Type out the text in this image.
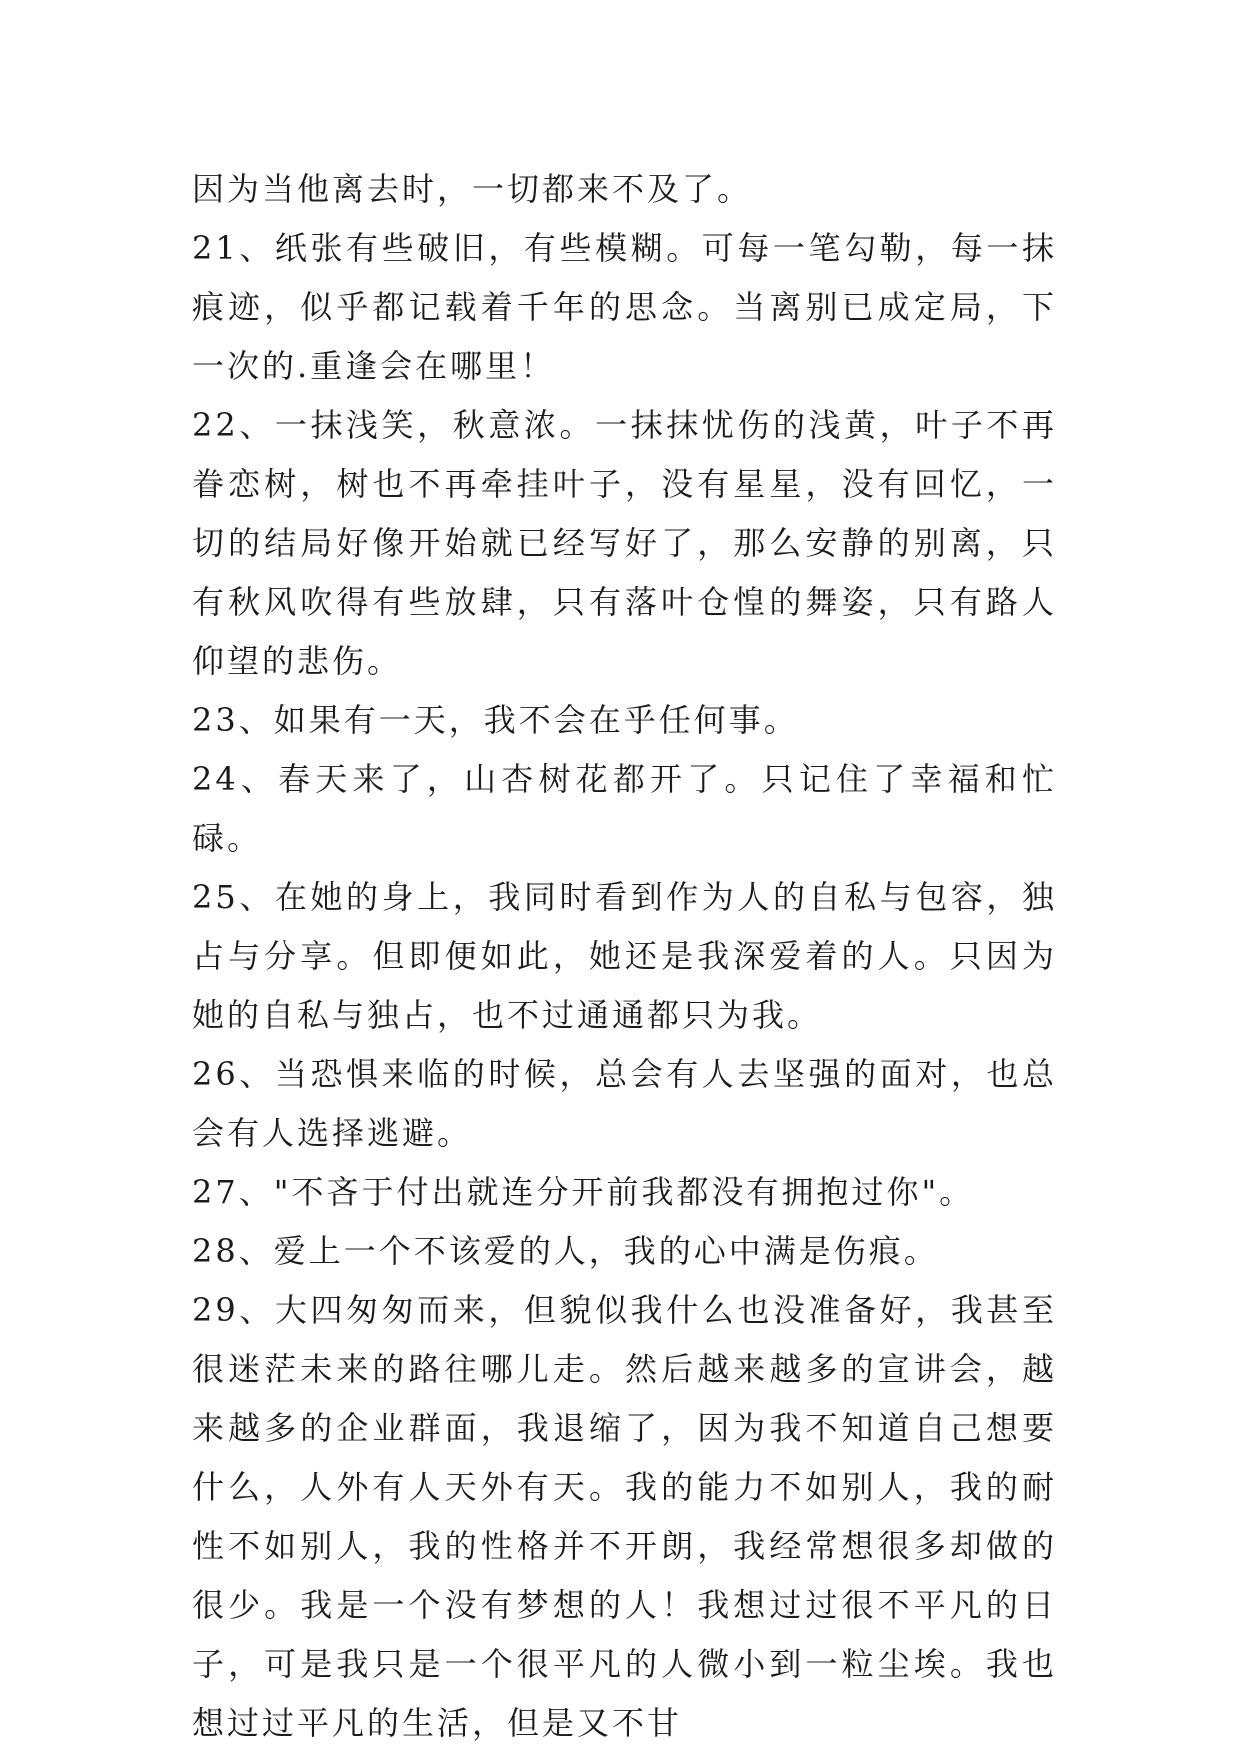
因为当他离去时，一切都来不及了。

21、纸张有些破旧，有些模糊。可每一笔勾勒，每一抹痕迹，似乎都记载着千年的思念。当离别已成定局，下一次的.重逢会在哪里！

22、一抹浅笑，秋意浓。一抹抹忧伤的浅黄，叶子不再眷恋树，树也不再牵挂叶子，没有星星，没有回忆，一切的结局好像开始就已经写好了，那么安静的别离，只有秋风吹得有些放肆，只有落叶仓惶的舞姿，只有路人仰望的悲伤。

23、如果有一天，我不会在乎任何事。

24、春天来了，山杏树花都开了。只记住了幸福和忙碌。

25、在她的身上，我同时看到作为人的自私与包容，独占与分享。但即便如此，她还是我深爱着的人。只因为她的自私与独占，也不过通通都只为我。

26、当恐惧来临的时候，总会有人去坚强的面对，也总会有人选择逃避。

27、"不吝于付出就连分开前我都没有拥抱过你"。

28、爱上一个不该爱的人，我的心中满是伤痕。

29、大四匆匆而来，但貌似我什么也没准备好，我甚至很迷茫未来的路往哪儿走。然后越来越多的宣讲会，越来越多的企业群面，我退缩了，因为我不知道自己想要什么，人外有人天外有天。我的能力不如别人，我的耐性不如别人，我的性格并不开朗，我经常想很多却做的很少。我是一个没有梦想的人！我想过过很不平凡的日子，可是我只是一个很平凡的人微小到一粒尘埃。我也想过过平凡的生活，但是又不甘
